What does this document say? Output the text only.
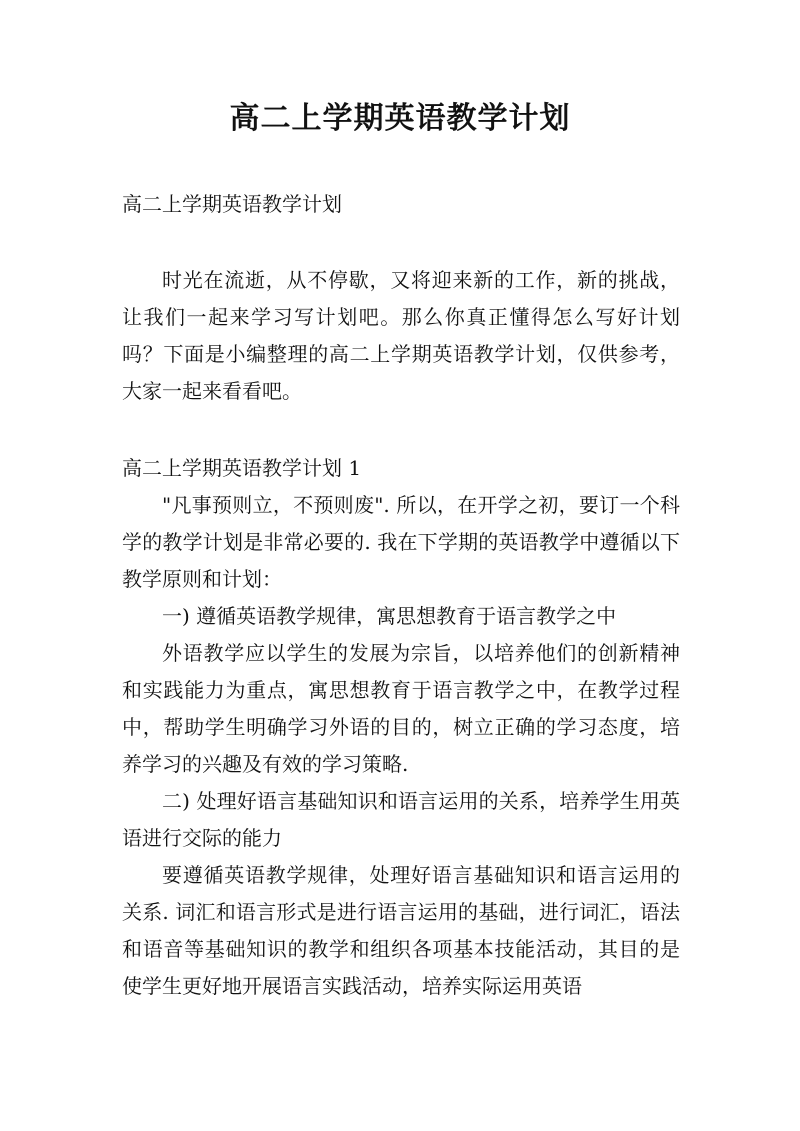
高二上学期英语教学计划

高二上学期英语教学计划

时光在流逝，从不停歇，又将迎来新的工作，新的挑战，让我们一起来学习写计划吧。那么你真正懂得怎么写好计划吗？下面是小编整理的高二上学期英语教学计划，仅供参考，大家一起来看看吧。

高二上学期英语教学计划 1

"凡事预则立，不预则废". 所以，在开学之初，要订一个科学的教学计划是非常必要的. 我在下学期的英语教学中遵循以下教学原则和计划：

一) 遵循英语教学规律，寓思想教育于语言教学之中

外语教学应以学生的发展为宗旨，以培养他们的创新精神和实践能力为重点，寓思想教育于语言教学之中，在教学过程中，帮助学生明确学习外语的目的，树立正确的学习态度，培养学习的兴趣及有效的学习策略.

二) 处理好语言基础知识和语言运用的关系，培养学生用英语进行交际的能力

要遵循英语教学规律，处理好语言基础知识和语言运用的关系. 词汇和语言形式是进行语言运用的基础，进行词汇，语法和语音等基础知识的教学和组织各项基本技能活动，其目的是使学生更好地开展语言实践活动，培养实际运用英语
